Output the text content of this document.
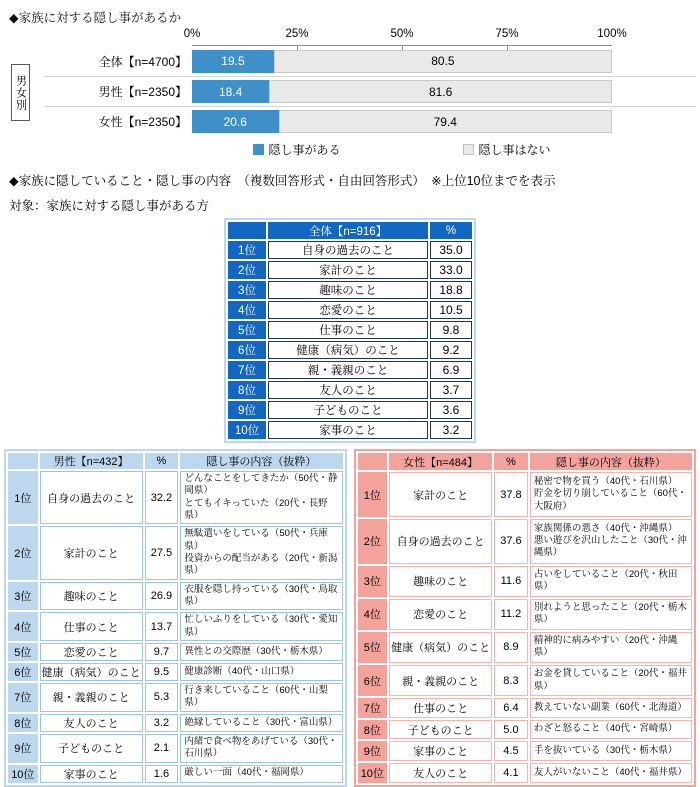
◆家族に対する隠し事があるか
0%	25%	50%	75%	100%
全体【n=4700】	19.5	80.5
男性【n=2350】	18.4	81.6
女性【n=2350】	20.6	79.4
男女別
隠し事がある	隠し事はない
◆家族に隠していること・隠し事の内容　（複数回答形式・自由回答形式）　※上位10位までを表示
対象：家族に対する隠し事がある方
	全体【n=916】	%
1位	自身の過去のこと	35.0
2位	家計のこと	33.0
3位	趣味のこと	18.8
4位	恋愛のこと	10.5
5位	仕事のこと	9.8
6位	健康（病気）のこと	9.2
7位	親・義親のこと	6.9
8位	友人のこと	3.7
9位	子どものこと	3.6
10位	家事のこと	3.2
	男性【n=432】	%	隠し事の内容（抜粋）
1位	自身の過去のこと	32.2	どんなことをしてきたか（50代・静岡県）
とてもイキっていた（20代・長野県）

2位	家計のこと	27.5	無駄遣いをしている（50代・兵庫県）
投資からの配当がある（20代・新潟県）

3位	趣味のこと	26.9	衣服を隠し持っている（30代・鳥取県）

4位	仕事のこと	13.7	忙しいふりをしている（30代・愛知県）

5位	恋愛のこと	9.7	異性との交際歴（30代・栃木県）

6位	健康（病気）のこと	9.5	健康診断（40代・山口県）

7位	親・義親のこと	5.3	行き来していること（60代・山梨県）

8位	友人のこと	3.2	絶縁していること（30代・富山県）

9位	子どものこと	2.1	内緒で食べ物をあげている（30代・石川県）

10位	家事のこと	1.6	厳しい一面（40代・福岡県）
	女性【n=484】	%	隠し事の内容（抜粋）
1位	家計のこと	37.8	秘密で物を買う（40代・石川県）
貯金を切り崩していること（60代・大阪府）

2位	自身の過去のこと	37.6	家族関係の悪さ（40代・沖縄県）
悪い遊びを沢山したこと（30代・沖縄県）

3位	趣味のこと	11.6	占いをしていること（20代・秋田県）

4位	恋愛のこと	11.2	別れようと思ったこと（20代・栃木県）

5位	健康（病気）のこと	8.9	精神的に病みやすい（20代・沖縄県）

6位	親・義親のこと	8.3	お金を貸していること（20代・福井県）

7位	仕事のこと	6.4	教えていない副業（60代・北海道）

8位	子どものこと	5.0	わざと怒ること（40代・宮崎県）

9位	家事のこと	4.5	手を抜いている（30代・栃木県）

10位	友人のこと	4.1	友人がいないこと（40代・福井県）
